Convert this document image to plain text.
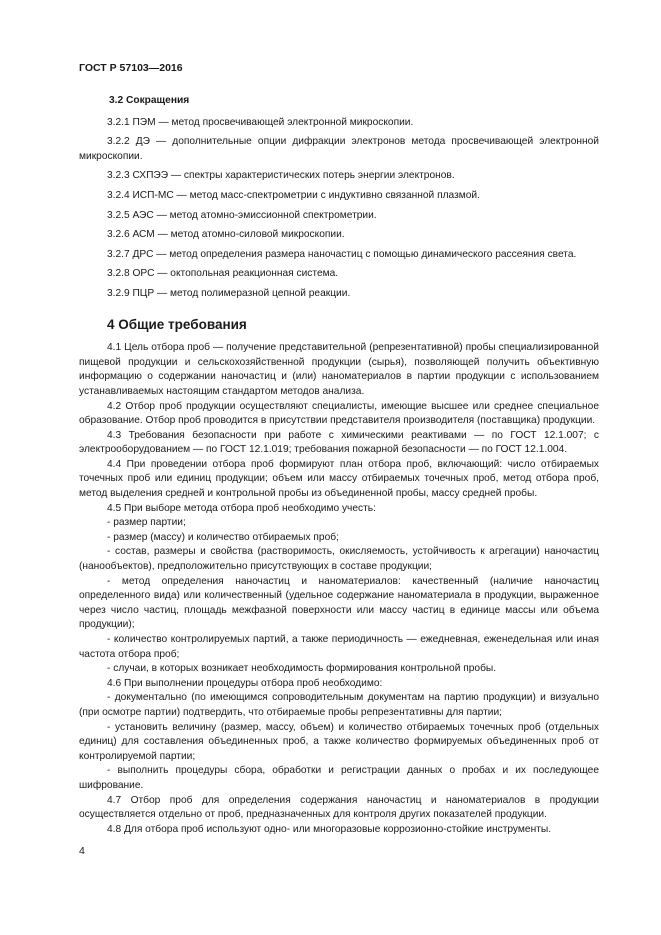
ГОСТ Р 57103—2016
3.2 Сокращения

3.2.1 ПЭМ — метод просвечивающей электронной микроскопии.

3.2.2 ДЭ — дополнительные опции дифракции электронов метода просвечивающей электронной микроскопии.

3.2.3 СХПЭЭ — спектры характеристических потерь энергии электронов.

3.2.4 ИСП-МС — метод масс-спектрометрии с индуктивно связанной плазмой.

3.2.5 АЭС — метод атомно-эмиссионной спектрометрии.

3.2.6 АСМ — метод атомно-силовой микроскопии.

3.2.7 ДРС — метод определения размера наночастиц с помощью динамического рассеяния света.

3.2.8 ОРС — октопольная реакционная система.

3.2.9 ПЦР — метод полимеразной цепной реакции.

4 Общие требования

4.1 Цель отбора проб — получение представительной (репрезентативной) пробы специализированной пищевой продукции и сельскохозяйственной продукции (сырья), позволяющей получить объективную информацию о содержании наночастиц и (или) наноматериалов в партии продукции с использованием устанавливаемых настоящим стандартом методов анализа.

4.2 Отбор проб продукции осуществляют специалисты, имеющие высшее или среднее специальное образование. Отбор проб проводится в присутствии представителя производителя (поставщика) продукции.

4.3 Требования безопасности при работе с химическими реактивами — по ГОСТ 12.1.007; с электрооборудованием — по ГОСТ 12.1.019; требования пожарной безопасности — по ГОСТ 12.1.004.

4.4 При проведении отбора проб формируют план отбора проб, включающий: число отбираемых точечных проб или единиц продукции; объем или массу отбираемых точечных проб, метод отбора проб, метод выделения средней и контрольной пробы из объединенной пробы, массу средней пробы.

4.5 При выборе метода отбора проб необходимо учесть:

- размер партии;

- размер (массу) и количество отбираемых проб;

- состав, размеры и свойства (растворимость, окисляемость, устойчивость к агрегации) наночастиц (нанообъектов), предположительно присутствующих в составе продукции;

- метод определения наночастиц и наноматериалов: качественный (наличие наночастиц определенного вида) или количественный (удельное содержание наноматериала в продукции, выраженное через число частиц, площадь межфазной поверхности или массу частиц в единице массы или объема продукции);

- количество контролируемых партий, а также периодичность — ежедневная, еженедельная или иная частота отбора проб;

- случаи, в которых возникает необходимость формирования контрольной пробы.

4.6 При выполнении процедуры отбора проб необходимо:

- документально (по имеющимся сопроводительным документам на партию продукции) и визуально (при осмотре партии) подтвердить, что отбираемые пробы репрезентативны для партии;

- установить величину (размер, массу, объем) и количество отбираемых точечных проб (отдельных единиц) для составления объединенных проб, а также количество формируемых объединенных проб от контролируемой партии;

- выполнить процедуры сбора, обработки и регистрации данных о пробах и их последующее шифрование.

4.7 Отбор проб для определения содержания наночастиц и наноматериалов в продукции осуществляется отдельно от проб, предназначенных для контроля других показателей продукции.

4.8 Для отбора проб используют одно- или многоразовые коррозионно-стойкие инструменты.

4
